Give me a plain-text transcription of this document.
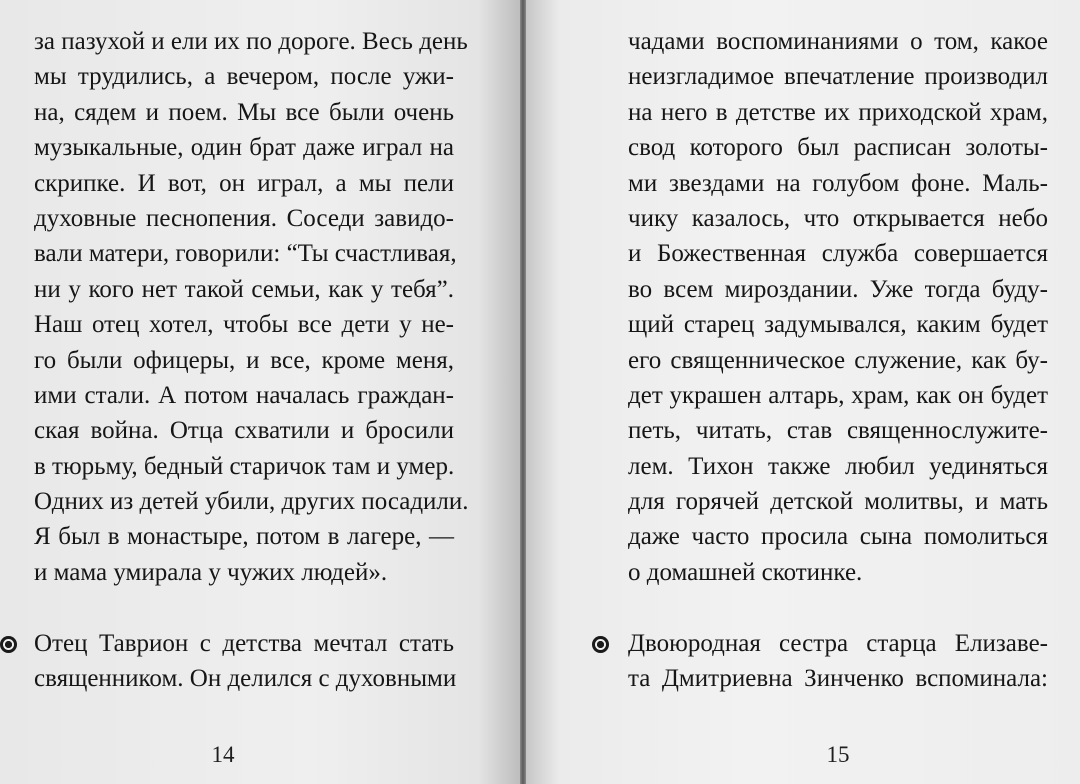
за пазухой и ели их по дороге. Весь день
мы трудились, а вечером, после ужи-
на, сядем и поем. Мы все были очень
музыкальные, один брат даже играл на
скрипке. И вот, он играл, а мы пели
духовные песнопения. Соседи завидо-
вали матери, говорили: “Ты счастливая,
ни у кого нет такой семьи, как у тебя”.
Наш отец хотел, чтобы все дети у не-
го были офицеры, и все, кроме меня,
ими стали. А потом началась граждан-
ская война. Отца схватили и бросили
в тюрьму, бедный старичок там и умер.
Одних из детей убили, других посадили.
Я был в монастыре, потом в лагере, —
и мама умирала у чужих людей».
Отец Таврион с детства мечтал стать
священником. Он делился с духовными
14
чадами воспоминаниями о том, какое
неизгладимое впечатление производил
на него в детстве их приходской храм,
свод которого был расписан золоты-
ми звездами на голубом фоне. Маль-
чику казалось, что открывается небо
и Божественная служба совершается
во всем мироздании. Уже тогда буду-
щий старец задумывался, каким будет
его священническое служение, как бу-
дет украшен алтарь, храм, как он будет
петь, читать, став священнослужите-
лем. Тихон также любил уединяться
для горячей детской молитвы, и мать
даже часто просила сына помолиться
о домашней скотинке.
Двоюродная сестра старца Елизаве-
та Дмитриевна Зинченко вспоминала:
15
